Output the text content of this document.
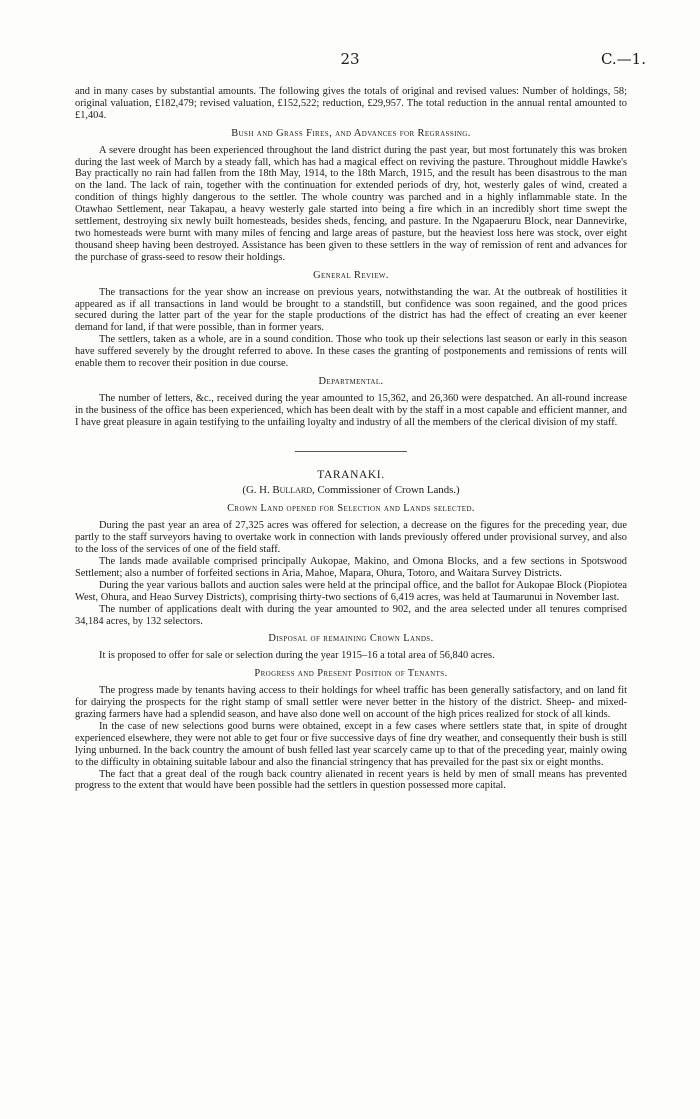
23	C.—1.

and in many cases by substantial amounts. The following gives the totals of original and revised values: Number of holdings, 58; original valuation, £182,479; revised valuation, £152,522; reduction, £29,957. The total reduction in the annual rental amounted to £1,404.

Bush and Grass Fires, and Advances for Regrassing.

A severe drought has been experienced throughout the land district during the past year, but most fortunately this was broken during the last week of March by a steady fall, which has had a magical effect on reviving the pasture. Throughout middle Hawke's Bay practically no rain had fallen from the 18th May, 1914, to the 18th March, 1915, and the result has been disastrous to the man on the land. The lack of rain, together with the continuation for extended periods of dry, hot, westerly gales of wind, created a condition of things highly dangerous to the settler. The whole country was parched and in a highly inflammable state. In the Otawhao Settlement, near Takapau, a heavy westerly gale started into being a fire which in an incredibly short time swept the settlement, destroying six newly built homesteads, besides sheds, fencing, and pasture. In the Ngapaeruru Block, near Dannevirke, two homesteads were burnt with many miles of fencing and large areas of pasture, but the heaviest loss here was stock, over eight thousand sheep having been destroyed. Assistance has been given to these settlers in the way of remission of rent and advances for the purchase of grass-seed to resow their holdings.

General Review.

The transactions for the year show an increase on previous years, notwithstanding the war. At the outbreak of hostilities it appeared as if all transactions in land would be brought to a standstill, but confidence was soon regained, and the good prices secured during the latter part of the year for the staple productions of the district has had the effect of creating an ever keener demand for land, if that were possible, than in former years.

The settlers, taken as a whole, are in a sound condition. Those who took up their selections last season or early in this season have suffered severely by the drought referred to above. In these cases the granting of postponements and remissions of rents will enable them to recover their position in due course.

Departmental.

The number of letters, &c., received during the year amounted to 15,362, and 26,360 were despatched. An all-round increase in the business of the office has been experienced, which has been dealt with by the staff in a most capable and efficient manner, and I have great pleasure in again testifying to the unfailing loyalty and industry of all the members of the clerical division of my staff.

TARANAKI.
(G. H. Bullard, Commissioner of Crown Lands.)
Crown Land opened for Selection and Lands selected.

During the past year an area of 27,325 acres was offered for selection, a decrease on the figures for the preceding year, due partly to the staff surveyors having to overtake work in connection with lands previously offered under provisional survey, and also to the loss of the services of one of the field staff.

The lands made available comprised principally Aukopae, Makino, and Omona Blocks, and a few sections in Spotswood Settlement; also a number of forfeited sections in Aria, Mahoe, Mapara, Ohura, Totoro, and Waitara Survey Districts.

During the year various ballots and auction sales were held at the principal office, and the ballot for Aukopae Block (Piopiotea West, Ohura, and Heao Survey Districts), comprising thirty-two sections of 6,419 acres, was held at Taumarunui in November last.

The number of applications dealt with during the year amounted to 902, and the area selected under all tenures comprised 34,184 acres, by 132 selectors.

Disposal of remaining Crown Lands.

It is proposed to offer for sale or selection during the year 1915–16 a total area of 56,840 acres.

Progress and Present Position of Tenants.

The progress made by tenants having access to their holdings for wheel traffic has been generally satisfactory, and on land fit for dairying the prospects for the right stamp of small settler were never better in the history of the district. Sheep- and mixed-grazing farmers have had a splendid season, and have also done well on account of the high prices realized for stock of all kinds.

In the case of new selections good burns were obtained, except in a few cases where settlers state that, in spite of drought experienced elsewhere, they were not able to get four or five successive days of fine dry weather, and consequently their bush is still lying unburned. In the back country the amount of bush felled last year scarcely came up to that of the preceding year, mainly owing to the difficulty in obtaining suitable labour and also the financial stringency that has prevailed for the past six or eight months.

The fact that a great deal of the rough back country alienated in recent years is held by men of small means has prevented progress to the extent that would have been possible had the settlers in question possessed more capital.
